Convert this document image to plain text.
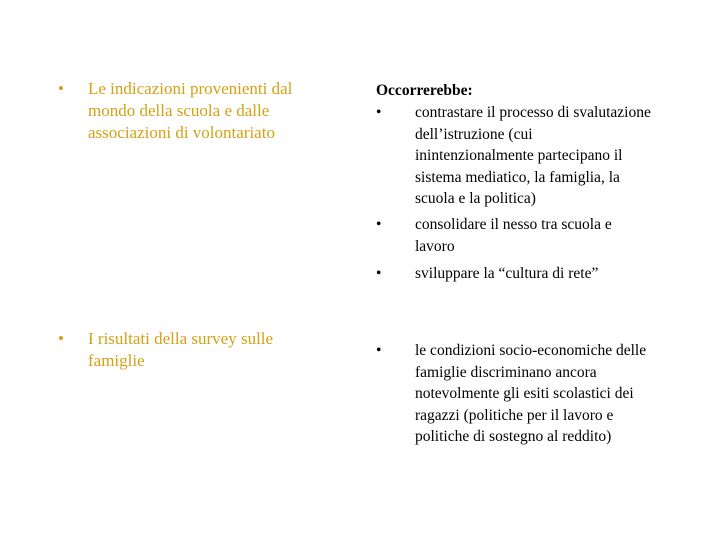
• Le indicazioni provenienti dal mondo della scuola e dalle associazioni di volontariato
• I risultati della survey sulle famiglie
Occorrerebbe:
• contrastare il processo di svalutazione dell’istruzione (cui inintenzionalmente partecipano il sistema mediatico, la famiglia, la scuola e la politica)
• consolidare il nesso tra scuola e lavoro
• sviluppare la “cultura di rete”
• le condizioni socio-economiche delle famiglie discriminano ancora notevolmente gli esiti scolastici dei ragazzi (politiche per il lavoro e politiche di sostegno al reddito)
